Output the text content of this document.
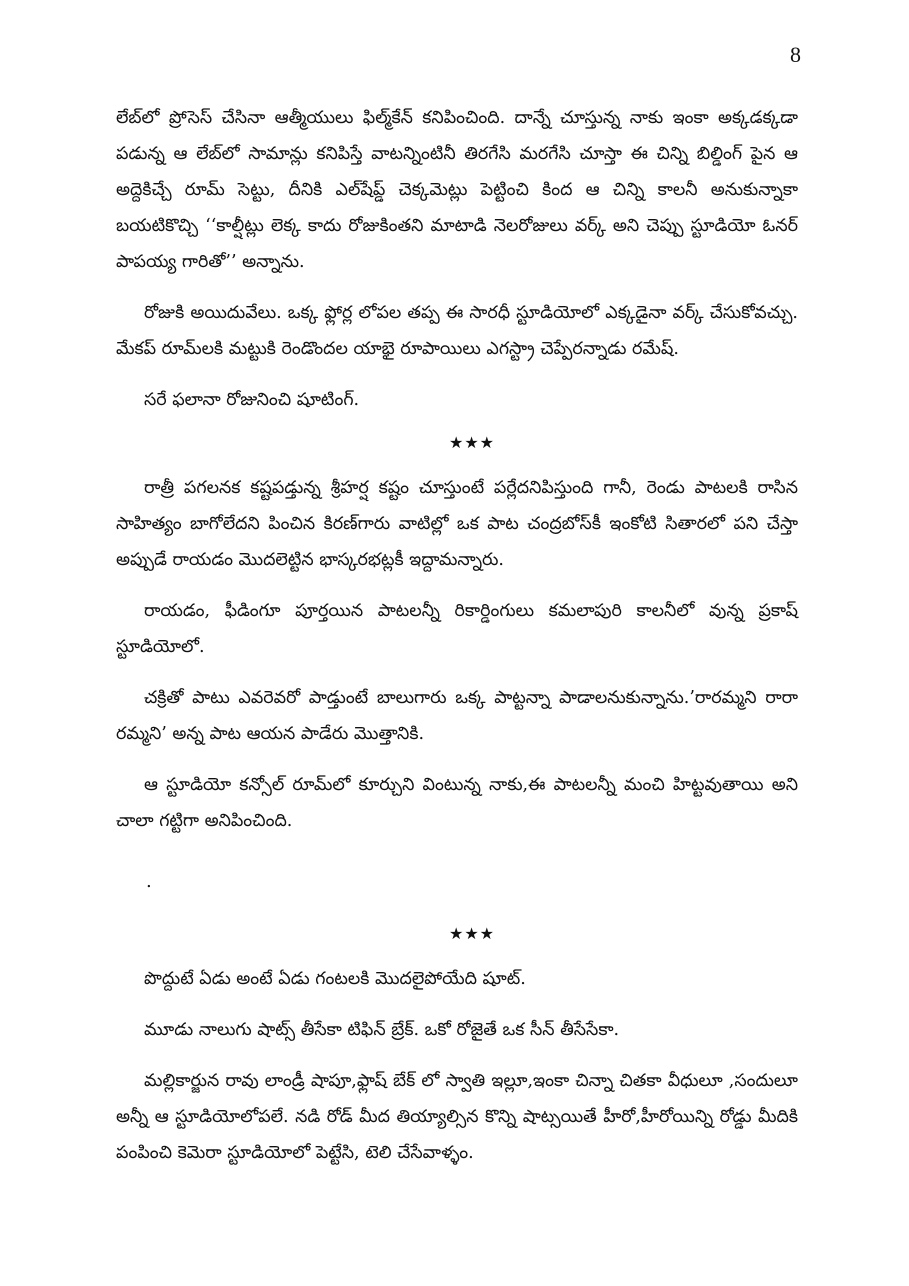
8

లేబ్‌లో ప్రోసెస్ చేసినా ఆత్మీయులు ఫిల్మ్‌కేన్ కనిపించింది. దాన్నే చూస్తున్న నాకు ఇంకా అక్కడక్కడా పడున్న ఆ లేబ్‌లో సామాన్లు కనిపిస్తే వాటన్నింటినీ తిరగేసి మరగేసి చూస్తా ఈ చిన్ని బిల్డింగ్ పైన ఆ అద్దెకిచ్చే రూమ్ సెట్టు, దీనికి ఎల్‌షేప్డ్ చెక్కమెట్లు పెట్టించి కింద ఆ చిన్ని కాలనీ అనుకున్నాకా బయటికొచ్చి ‘‘కాల్షీట్లు లెక్క కాదు రోజుకింతని మాటాడి నెలరోజులు వర్క్ అని చెప్పు స్టూడియో ఓనర్ పాపయ్య గారితో’’ అన్నాను.

రోజుకి అయిదువేలు. ఒక్క ఫ్లోర్ల లోపల తప్ప ఈ సారధీ స్టూడియోలో ఎక్కడైనా వర్క్ చేసుకోవచ్చు. మేకప్ రూమ్‌లకి మట్టుకి రెండొందల యాభై రూపాయిలు ఎగస్ట్రా చెప్పేరన్నాడు రమేష్.

సరే ఫలానా రోజునించి షూటింగ్.

★★★

రాత్రీ పగలనక కష్టపడ్తున్న శ్రీహర్ష కష్టం చూస్తుంటే పర్లేదనిపిస్తుంది గానీ, రెండు పాటలకి రాసిన సాహిత్యం బాగోలేదని పించిన కిరణ్‌గారు వాటిల్లో ఒక పాట చంద్రబోస్‌కీ ఇంకోటి సితారలో పని చేస్తా అప్పుడే రాయడం మొదలెట్టిన భాస్కరభట్లకీ ఇద్దామన్నారు.

రాయడం, ఫీడింగూ పూర్తయిన పాటలన్నీ రికార్డింగులు కమలాపురి కాలనీలో వున్న ప్రకాష్ స్టూడియోలో.

చక్రితో పాటు ఎవరెవరో పాడ్తుంటే బాలుగారు ఒక్క పాట్టన్నా పాడాలనుకున్నాను.’రారమ్మని రారా రమ్మని’ అన్న పాట ఆయన పాడేరు మొత్తానికి.

ఆ స్టూడియో కన్సోల్ రూమ్‌లో కూర్చుని వింటున్న నాకు,ఈ పాటలన్నీ మంచి హిట్టవుతాయి అని చాలా గట్టిగా అనిపించింది.

.
★★★

పొద్దుటే ఏడు అంటే ఏడు గంటలకి మొదలైపోయేది షూట్.

మూడు నాలుగు షాట్స్ తీసేకా టిఫిన్ బ్రేక్. ఒకో రోజైతే ఒక సీన్ తీసేసేకా.

మల్లికార్జున రావు లాండ్రీ షాపూ,ఫ్లాష్ బేక్ లో స్వాతి ఇల్లూ,ఇంకా చిన్నా చితకా వీధులూ ,సందులూ అన్నీ ఆ స్టూడియోలోపలే. నడి రోడ్ మీద తియ్యాల్సిన కొన్ని షాట్సయితే హీరో,హీరోయిన్ని రోడ్డు మీదికి పంపించి కెమెరా స్టూడియోలో పెట్టేసి, టెలి చేసేవాళ్ళం.
